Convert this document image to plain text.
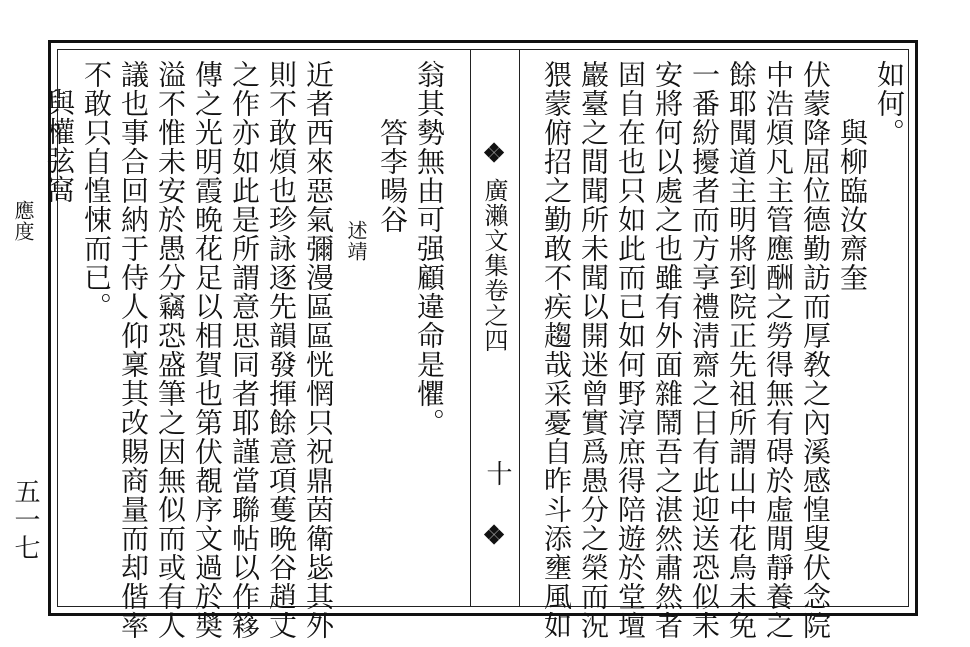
五一七
如何。
與柳臨汝齋奎
伏蒙降屈位德勤訪而厚敎之內溪感惶叟伏念院
中浩煩凡主管應酬之勞得無有碍於虛閒靜養之
餘耶聞道主明將到院正先祖所謂山中花鳥未免
一番紛擾者而方享禮淸齋之日有此迎送恐似未
安將何以處之也雖有外面雜鬧吾之湛然肅然者
固自在也只如此而已如何野淳庶得陪遊於堂壇
巖臺之間聞所未聞以開迷曾實爲愚分之榮而況
猥蒙俯招之勤敢不疾趨哉采憂自昨斗添壅風如
❖
廣瀨文集卷之四
十
❖
翁其勢無由可强顧違命是懼。
答李暘谷
述靖
近者西來惡氣彌漫區區恍惘只祝鼎茵衛毖其外
則不敢煩也珍詠逐先韻發揮餘意項蒦晩谷趙丈
之作亦如此是所謂意思同者耶謹當聯帖以作簃
傳之光明霞晩花足以相賀也第伏覩序文過於奬
溢不惟未安於愚分竊恐盛筆之因無似而或有人
議也事合回納于侍人仰稟其改賜商量而却偕率
不敢只自惶悚而已。
與權弦窩
應度
